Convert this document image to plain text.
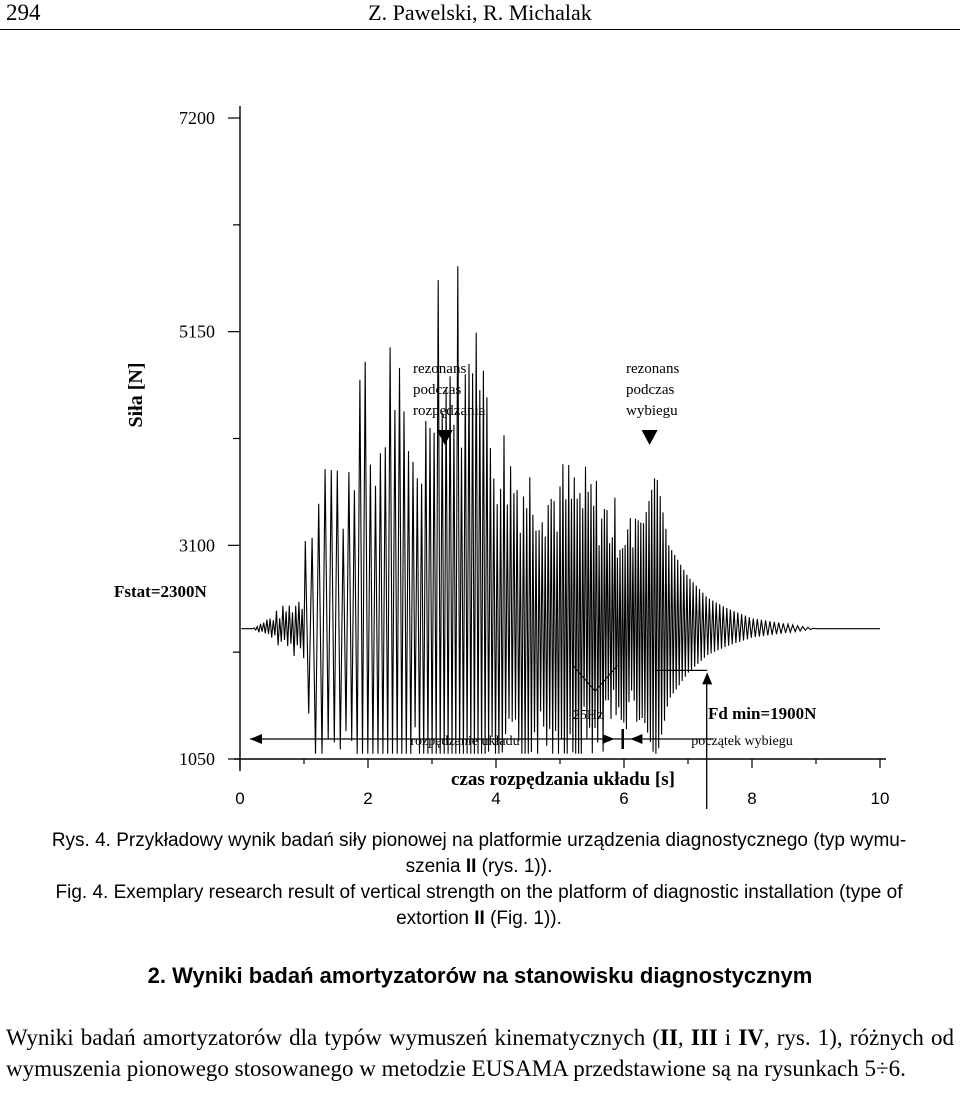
294	Z. Pawelski, R. Michalak
Siła [N]
1050
3100
5150
7200
0	2	4	6	8	10
Fstat=2300N
czas rozpędzania układu [s]
Fd min=1900N
25Hz
rozpędzanie układu	początek wybiegu
rezonans
podczas
rozpędzania
rezonans
podczas
wybiegu
Rys. 4. Przykładowy wynik badań siły pionowej na platformie urządzenia diagnostycznego (typ wymu-
szenia II (rys. 1)).
Fig. 4. Exemplary research result of vertical strength on the platform of diagnostic installation (type of
extortion II (Fig. 1)).
2. Wyniki badań amortyzatorów na stanowisku diagnostycznym
Wyniki badań amortyzatorów dla typów wymuszeń kinematycznych (II, III i IV, rys. 1), różnych od wymuszenia pionowego stosowanego w metodzie EUSAMA przedstawione są na rysunkach 5÷6.
